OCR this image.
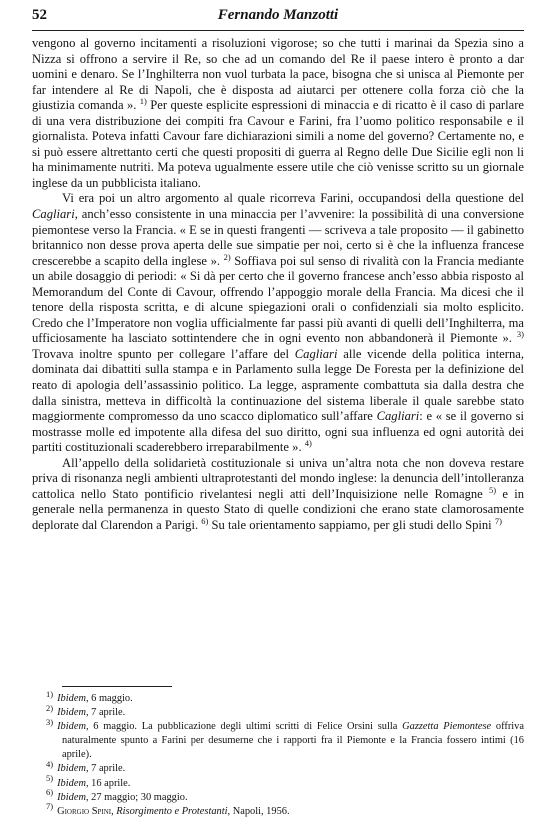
52	Fernando Manzotti

vengono al governo incitamenti a risoluzioni vigorose; so che tutti i marinai da Spezia sino a Nizza si offrono a servire il Re, so che ad un comando del Re il paese intero è pronto a dar uomini e denaro. Se l’Inghilterra non vuol turbata la pace, bisogna che si unisca al Piemonte per far intendere al Re di Napoli, che è disposta ad aiutarci per ottenere colla forza ciò che la giustizia comanda ». $^{1)}$ Per queste esplicite espressioni di minaccia e di ricatto è il caso di parlare di una vera distribuzione dei compiti fra Cavour e Farini, fra l’uomo politico responsabile e il giornalista. Poteva infatti Cavour fare dichiarazioni simili a nome del governo? Certamente no, e si può essere altrettanto certi che questi propositi di guerra al Regno delle Due Sicilie egli non li ha minimamente nutriti. Ma poteva ugualmente essere utile che ciò venisse scritto su un giornale inglese da un pubblicista italiano.

Vi era poi un altro argomento al quale ricorreva Farini, occupandosi della questione del Cagliari, anch’esso consistente in una minaccia per l’avvenire: la possibilità di una conversione piemontese verso la Francia. « E se in questi frangenti — scriveva a tale proposito — il gabinetto britannico non desse prova aperta delle sue simpatie per noi, certo si è che la influenza francese crescerebbe a scapito della inglese ». $^{2)}$ Soffiava poi sul senso di rivalità con la Francia mediante un abile dosaggio di periodi: « Si dà per certo che il governo francese anch’esso abbia risposto al Memorandum del Conte di Cavour, offrendo l’appoggio morale della Francia. Ma dicesi che il tenore della risposta scritta, e di alcune spiegazioni orali o confidenziali sia molto esplicito. Credo che l’Imperatore non voglia ufficialmente far passi più avanti di quelli dell’Inghilterra, ma ufficiosamente ha lasciato sottintendere che in ogni evento non abbandonerà il Piemonte ». $^{3)}$ Trovava inoltre spunto per collegare l’affare del Cagliari alle vicende della politica interna, dominata dai dibattiti sulla stampa e in Parlamento sulla legge De Foresta per la definizione del reato di apologia dell’assassinio politico. La legge, aspramente combattuta sia dalla destra che dalla sinistra, metteva in difficoltà la continuazione del sistema liberale il quale sarebbe stato maggiormente compromesso da uno scacco diplomatico sull’affare Cagliari: e « se il governo si mostrasse molle ed impotente alla difesa del suo diritto, ogni sua influenza ed ogni autorità dei partiti costituzionali scaderebbero irreparabilmente ». $^{4)}$

All’appello della solidarietà costituzionale si univa un’altra nota che non doveva restare priva di risonanza negli ambienti ultraprotestanti del mondo inglese: la denuncia dell’intolleranza cattolica nello Stato pontificio rivelantesi negli atti dell’Inquisizione nelle Romagne $^{5)}$ e in generale nella permanenza in questo Stato di quelle condizioni che erano state clamorosamente deplorate dal Clarendon a Parigi. $^{6)}$ Su tale orientamento sappiamo, per gli studi dello Spini $^{7)}$

$^{1)}$ Ibidem, 6 maggio.

$^{2)}$ Ibidem, 7 aprile.

$^{3)}$ Ibidem, 6 maggio. La pubblicazione degli ultimi scritti di Felice Orsini sulla Gazzetta Piemontese offriva naturalmente spunto a Farini per desumerne che i rapporti fra il Piemonte e la Francia fossero intimi (16 aprile).

$^{4)}$ Ibidem, 7 aprile.

$^{5)}$ Ibidem, 16 aprile.

$^{6)}$ Ibidem, 27 maggio; 30 maggio.

$^{7)}$ Giorgio Spini, Risorgimento e Protestanti, Napoli, 1956.
